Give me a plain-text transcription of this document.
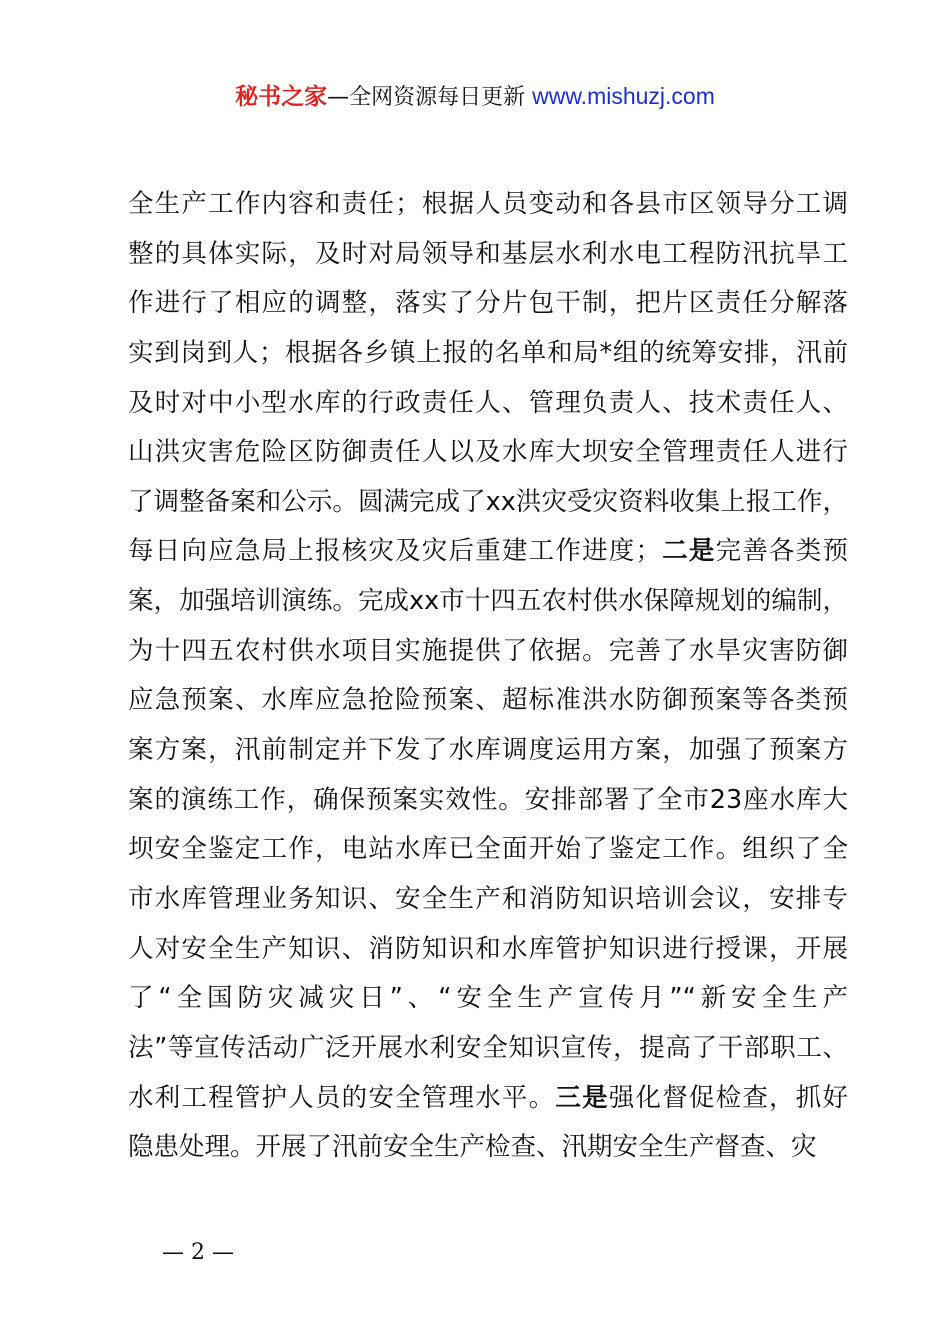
秘书之家—全网资源每日更新 www.mishuzj.com
全生产工作内容和责任；根据人员变动和各县市区领导分工调
整的具体实际，及时对局领导和基层水利水电工程防汛抗旱工
作进行了相应的调整，落实了分片包干制，把片区责任分解落
实到岗到人；根据各乡镇上报的名单和局*组的统筹安排，汛前
及时对中小型水库的行政责任人、管理负责人、技术责任人、
山洪灾害危险区防御责任人以及水库大坝安全管理责任人进行
了调整备案和公示。圆满完成了xx洪灾受灾资料收集上报工作，
每日向应急局上报核灾及灾后重建工作进度；二是完善各类预
案，加强培训演练。完成xx市十四五农村供水保障规划的编制，
为十四五农村供水项目实施提供了依据。完善了水旱灾害防御
应急预案、水库应急抢险预案、超标准洪水防御预案等各类预
案方案，汛前制定并下发了水库调度运用方案，加强了预案方
案的演练工作，确保预案实效性。安排部署了全市23座水库大
坝安全鉴定工作，电站水库已全面开始了鉴定工作。组织了全
市水库管理业务知识、安全生产和消防知识培训会议，安排专
人对安全生产知识、消防知识和水库管护知识进行授课，开展
了“全国防灾减灾日”、“安全生产宣传月”“新安全生产
法”等宣传活动广泛开展水利安全知识宣传，提高了干部职工、
水利工程管护人员的安全管理水平。三是强化督促检查，抓好
隐患处理。开展了汛前安全生产检查、汛期安全生产督查、灾
— 2 —
